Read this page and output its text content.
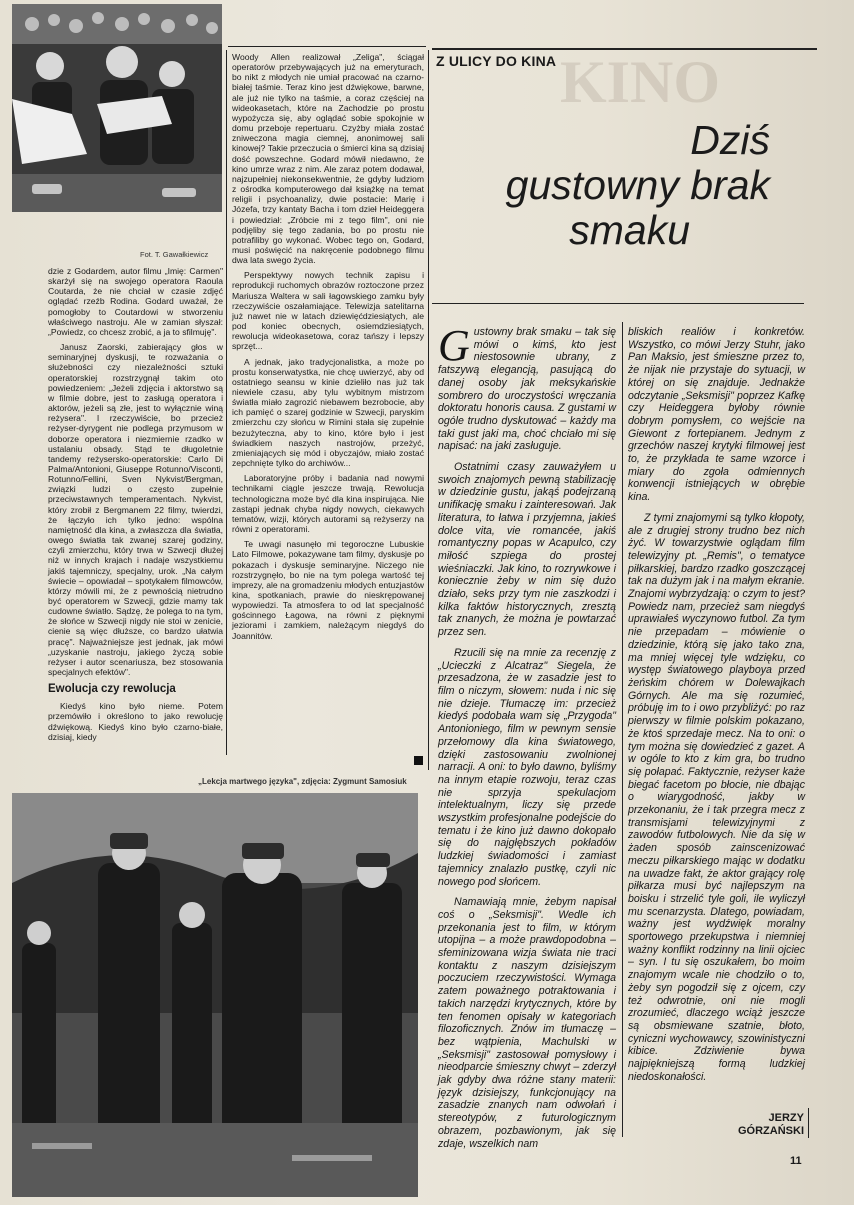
KINO
Fot. T. Gawałkiewicz

dzie z Godardem, autor filmu „Imię: Carmen" skarżył się na swojego operatora Raoula Coutarda, że nie chciał w czasie zdjęć oglądać rzeźb Rodina. Godard uważał, że pomogłoby to Coutardowi w stworzeniu właściwego nastroju. Ale w zamian słyszał: „Powiedz, co chcesz zrobić, a ja to sfilmuję".

Janusz Zaorski, zabierający głos w seminaryjnej dyskusji, te rozważania o służebności czy niezależności sztuki operatorskiej rozstrzygnął takim oto powiedzeniem: „Jeżeli zdjęcia i aktorstwo są w filmie dobre, jest to zasługą operatora i aktorów, jeżeli są złe, jest to wyłącznie winą reżysera". I rzeczywiście, bo przecież reżyser-dyrygent nie podlega przymusom w doborze operatora i niezmiernie rzadko w ustalaniu obsady. Stąd te długoletnie tandemy reżysersko-operatorskie: Carlo Di Palma/Antonioni, Giuseppe Rotunno/Visconti, Rotunno/Fellini, Sven Nykvist/Bergman, związki ludzi o często zupełnie przeciwstawnych temperamentach. Nykvist, który zrobił z Bergmanem 22 filmy, twierdzi, że łączyło ich tylko jedno: wspólna namiętność dla kina, a zwłaszcza dla światła, owego światła tak zwanej szarej godziny, czyli zmierzchu, który trwa w Szwecji dłużej niż w innych krajach i nadaje wszystkiemu jakiś tajemniczy, specjalny, urok. „Na całym świecie – opowiadał – spotykałem filmowców, którzy mówili mi, że z pewnością nietrudno być operatorem w Szwecji, gdzie mamy tak cudowne światło. Sądzę, że polega to na tym, że słońce w Szwecji nigdy nie stoi w zenicie, cienie są więc dłuższe, co bardzo ułatwia pracę". Najważniejsze jest jednak, jak mówi „uzyskanie nastroju, jakiego życzą sobie reżyser i autor scenariusza, bez stosowania specjalnych efektów".

Ewolucja czy rewolucja

Kiedyś kino było nieme. Potem przemówiło i określono to jako rewolucję dźwiękową. Kiedyś kino było czarno-białe, dzisiaj, kiedy

Woody Allen realizował „Zeliga", ściągał operatorów przebywających już na emeryturach, bo nikt z młodych nie umiał pracować na czarno-białej taśmie. Teraz kino jest dźwiękowe, barwne, ale już nie tylko na taśmie, a coraz częściej na wideokasetach, które na Zachodzie po prostu wypożycza się, aby oglądać sobie spokojnie w domu przeboje repertuaru. Czyżby miała zostać zniweczona magia ciemnej, anonimowej sali kinowej? Takie przeczucia o śmierci kina są dzisiaj dość powszechne. Godard mówił niedawno, że kino umrze wraz z nim. Ale zaraz potem dodawał, najzupełniej niekonsekwentnie, że gdyby ludziom z ośrodka komputerowego dał książkę na temat religii i psychoanalizy, dwie postacie: Marię i Józefa, trzy kantaty Bacha i tom dzieł Heideggera i powiedział: „Zróbcie mi z tego film", oni nie podjęliby się tego zadania, bo po prostu nie potrafiliby go wykonać. Wobec tego on, Godard, musi poświęcić na nakręcenie podobnego filmu dwa lata swego życia.

Perspektywy nowych technik zapisu i reprodukcji ruchomych obrazów roztoczone przez Mariusza Waltera w sali łagowskiego zamku były rzeczywiście oszałamiające. Telewizja satelitarna już nawet nie w latach dziewięćdziesiątych, ale pod koniec obecnych, osiemdziesiątych, rewolucja wideokasetowa, coraz tańszy i lepszy sprzęt...

A jednak, jako tradycjonalistka, a może po prostu konserwatystka, nie chcę uwierzyć, aby od ostatniego seansu w kinie dzieliło nas już tak niewiele czasu, aby tylu wybitnym mistrzom światła miało zagrozić niebawem bezrobocie, aby ich pamięć o szarej godzinie w Szwecji, paryskim zmierzchu czy słońcu w Rimini stała się zupełnie bezużyteczna, aby to kino, które było i jest świadkiem naszych nastrojów, przeżyć, zmieniających się mód i obyczajów, miało zostać zepchnięte tylko do archiwów...

Laboratoryjne próby i badania nad nowymi technikami ciągle jeszcze trwają. Rewolucja technologiczna może być dla kina inspirująca. Nie zastąpi jednak chyba nigdy nowych, ciekawych tematów, wizji, których autorami są reżyserzy na równi z operatorami.

Te uwagi nasunęło mi tegoroczne Lubuskie Lato Filmowe, pokazywane tam filmy, dyskusje po pokazach i dyskusje seminaryjne. Niczego nie rozstrzygnęło, bo nie na tym polega wartość tej imprezy, ale na gromadzeniu młodych entuzjastów kina, spotkaniach, prawie do nieskrępowanej wypowiedzi. Ta atmosfera to od lat specjalność gościnnego Łagowa, na równi z pięknymi jeziorami i zamkiem, należącym niegdyś do Joannitów.

Z ULICY DO KINA
Dziś
gustowny brak
smaku

Gustowny brak smaku – tak się mówi o kimś, kto jest niestosownie ubrany, z fatszywą elegancją, pasującą do danej osoby jak meksykańskie sombrero do uroczystości wręczania doktoratu honoris causa. Z gustami w ogóle trudno dyskutować – każdy ma taki gust jaki ma, choć chciało mi się napisać: na jaki zasługuje.

Ostatnimi czasy zauważyłem u swoich znajomych pewną stabilizację w dziedzinie gustu, jakąś podejrzaną unifikację smaku i zainteresowań. Jak literatura, to łatwa i przyjemna, jakieś dolce vita, vie romancée, jakiś romantyczny popas w Acapulco, czy miłość szpiega do prostej wieśniaczki. Jak kino, to rozrywkowe i koniecznie żeby w nim się dużo działo, seks przy tym nie zaszkodzi i kilka faktów historycznych, zresztą tak znanych, że można je powtarzać przez sen.

Rzucili się na mnie za recenzję z „Ucieczki z Alcatraz" Siegela, że przesadzona, że w zasadzie jest to film o niczym, słowem: nuda i nic się nie dzieje. Tłumaczę im: przecież kiedyś podobała wam się „Przygoda" Antonioniego, film w pewnym sensie przełomowy dla kina światowego, dzięki zastosowaniu zwolnionej narracji. A oni: to było dawno, byliśmy na innym etapie rozwoju, teraz czas nie sprzyja spekulacjom intelektualnym, liczy się przede wszystkim profesjonalne podejście do tematu i że kino już dawno dokopało się do najgłębszych pokładów ludzkiej świadomości i zamiast tajemnicy znalazło pustkę, czyli nic nowego pod słońcem.

Namawiają mnie, żebym napisał coś o „Seksmisji". Wedle ich przekonania jest to film, w którym utopijna – a może prawdopodobna – sfeminizowana wizja świata nie traci kontaktu z naszym dzisiejszym poczuciem rzeczywistości. Wymaga zatem poważnego potraktowania i takich narzędzi krytycznych, które by ten fenomen opisały w kategoriach filozoficznych. Znów im tłumaczę – bez wątpienia, Machulski w „Seksmisji" zastosował pomysłowy i nieodparcie śmieszny chwyt – zderzył jak gdyby dwa różne stany materii: język dzisiejszy, funkcjonujący na zasadzie znanych nam odwołań i stereotypów, z futurologicznym obrazem, pozbawionym, jak się zdaje, wszelkich nam

bliskich realiów i konkretów. Wszystko, co mówi Jerzy Stuhr, jako Pan Maksio, jest śmieszne przez to, że nijak nie przystaje do sytuacji, w której on się znajduje. Jednakże odczytanie „Seksmisji" poprzez Kafkę czy Heideggera byłoby równie dobrym pomysłem, co wejście na Giewont z fortepianem. Jednym z grzechów naszej krytyki filmowej jest to, że przykłada te same wzorce i miary do zgoła odmiennych konwencji istniejących w obrębie kina.

Z tymi znajomymi są tylko kłopoty, ale z drugiej strony trudno bez nich żyć. W towarzystwie oglądam film telewizyjny pt. „Remis", o tematyce piłkarskiej, bardzo rzadko goszczącej tak na dużym jak i na małym ekranie. Znajomi wybrzydzają: o czym to jest? Powiedz nam, przecież sam niegdyś uprawiałeś wyczynowo futbol. Za tym nie przepadam – mówienie o dziedzinie, którą się jako tako zna, ma mniej więcej tyle wdzięku, co występ światowego playboya przed żeńskim chórem w Dolewajkach Górnych. Ale ma się rozumieć, próbuję im to i owo przybliżyć: po raz pierwszy w filmie polskim pokazano, że ktoś sprzedaje mecz. Na to oni: o tym można się dowiedzieć z gazet. A w ogóle to kto z kim gra, bo trudno się połapać. Faktycznie, reżyser każe biegać facetom po błocie, nie dbając o wiarygodność, jakby w przekonaniu, że i tak przegra mecz z transmisjami telewizyjnymi z zawodów futbolowych. Nie da się w żaden sposób zainscenizować meczu piłkarskiego mając w dodatku na uwadze fakt, że aktor grający rolę piłkarza musi być najlepszym na boisku i strzelić tyle goli, ile wyliczył mu scenarzysta. Dlatego, powiadam, ważny jest wydźwięk moralny sportowego przekupstwa i niemniej ważny konflikt rodzinny na linii ojciec – syn. I tu się oszukałem, bo moim znajomym wcale nie chodziło o to, żeby syn pogodził się z ojcem, czy też odwrotnie, oni nie mogli zrozumieć, dlaczego wciąż jeszcze są obsmiewane szatnie, błoto, cyniczni wychowawcy, szowinistyczni kibice. Zdziwienie bywa najpiękniejszą formą ludzkiej niedoskonałości.

JERZY
GÓRZAŃSKI
„Lekcja martwego języka", zdjęcia: Zygmunt Samosiuk
11
